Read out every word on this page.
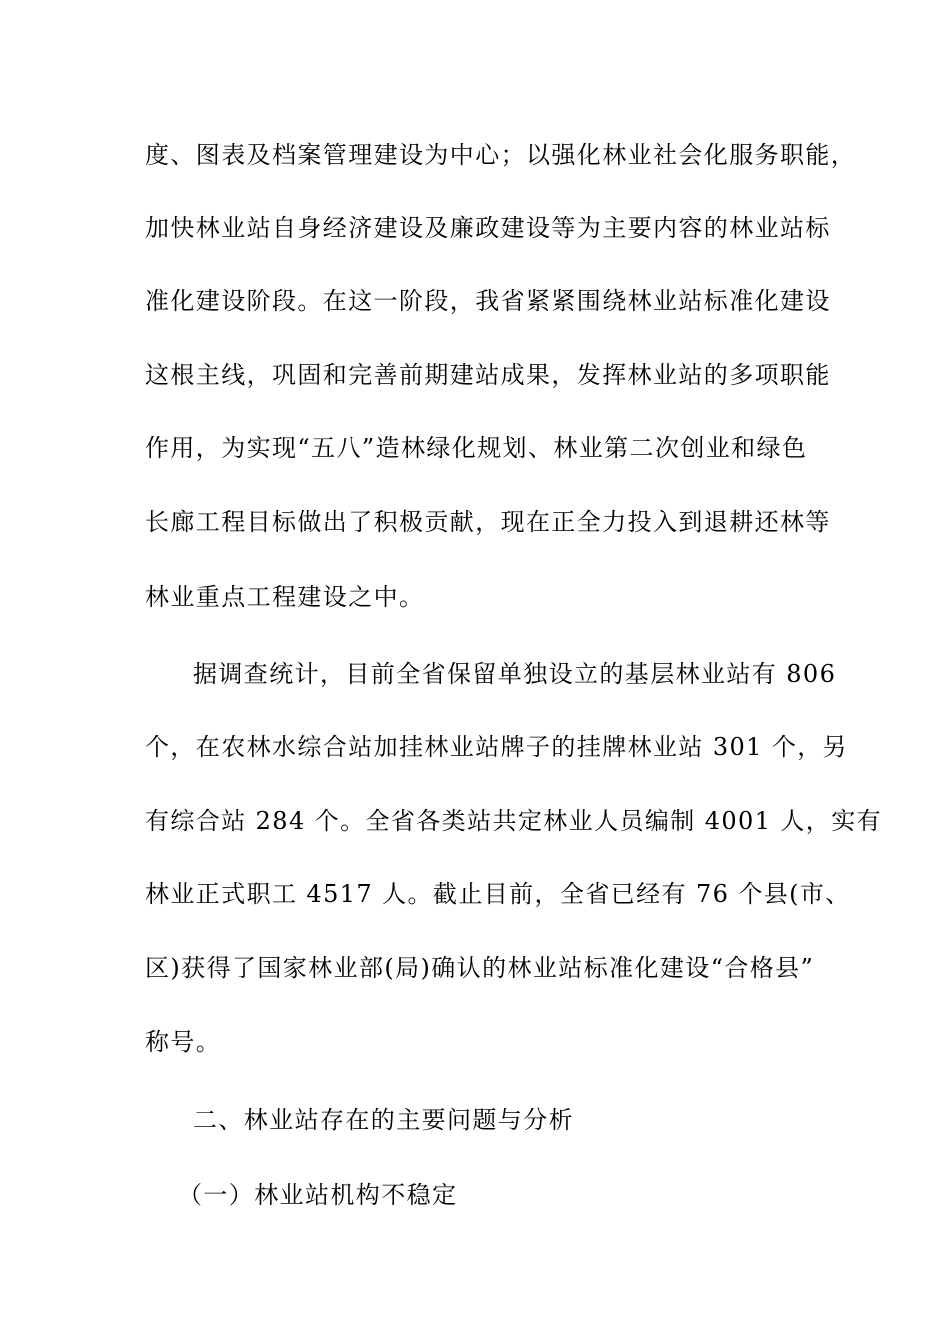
度、图表及档案管理建设为中心；以强化林业社会化服务职能，
加快林业站自身经济建设及廉政建设等为主要内容的林业站标
准化建设阶段。在这一阶段，我省紧紧围绕林业站标准化建设
这根主线，巩固和完善前期建站成果，发挥林业站的多项职能
作用，为实现“五八”造林绿化规划、林业第二次创业和绿色
长廊工程目标做出了积极贡献，现在正全力投入到退耕还林等
林业重点工程建设之中。
据调查统计，目前全省保留单独设立的基层林业站有 806
个，在农林水综合站加挂林业站牌子的挂牌林业站 301 个，另
有综合站 284 个。全省各类站共定林业人员编制 4001 人，实有
林业正式职工 4517 人。截止目前，全省已经有 76 个县(市、
区)获得了国家林业部(局)确认的林业站标准化建设“合格县”
称号。
二、林业站存在的主要问题与分析
（一）林业站机构不稳定
